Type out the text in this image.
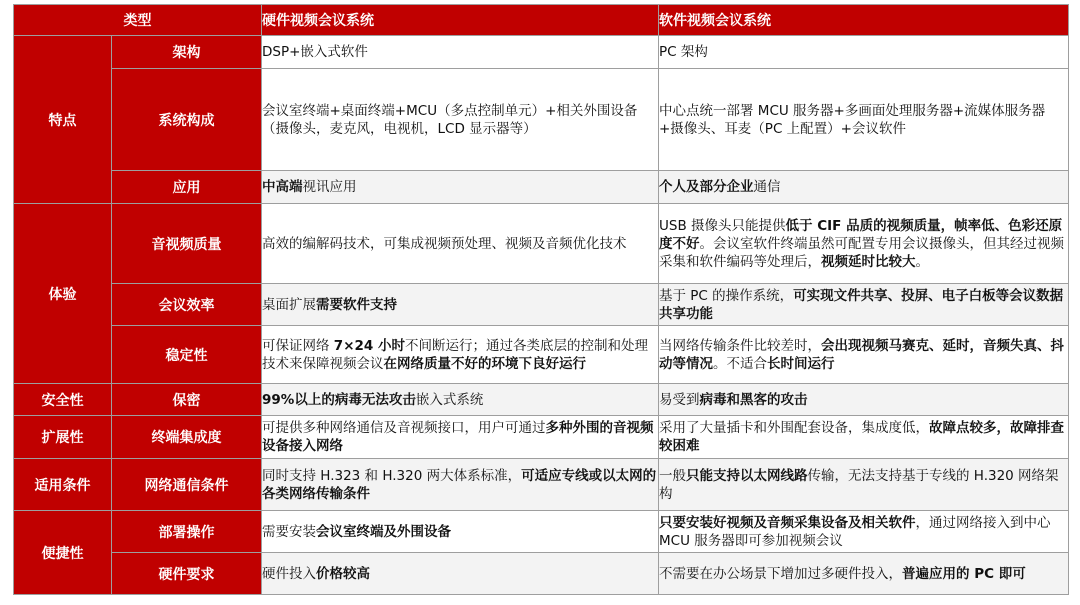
类型		硬件视频会议系统	软件视频会议系统
特点	架构	DSP+嵌入式软件	PC 架构
	系统构成	会议室终端+桌面终端+MCU（多点控制单元）+相关外围设备（摄像头，麦克风，电视机，LCD 显示器等）	中心点统一部署 MCU 服务器+多画面处理服务器+流媒体服务器+摄像头、耳麦（PC 上配置）+会议软件
	应用	中高端视讯应用	个人及部分企业通信
体验	音视频质量	高效的编解码技术，可集成视频预处理、视频及音频优化技术	USB 摄像头只能提供低于 CIF 品质的视频质量，帧率低、色彩还原度不好。会议室软件终端虽然可配置专用会议摄像头，但其经过视频采集和软件编码等处理后，视频延时比较大。
	会议效率	桌面扩展需要软件支持	基于 PC 的操作系统，可实现文件共享、投屏、电子白板等会议数据共享功能
	稳定性	可保证网络 7×24 小时不间断运行；通过各类底层的控制和处理技术来保障视频会议在网络质量不好的环境下良好运行	当网络传输条件比较差时，会出现视频马赛克、延时，音频失真、抖动等情况。不适合长时间运行
安全性	保密	99%以上的病毒无法攻击嵌入式系统	易受到病毒和黑客的攻击
扩展性	终端集成度	可提供多种网络通信及音视频接口，用户可通过多种外围的音视频设备接入网络	采用了大量插卡和外围配套设备，集成度低，故障点较多，故障排查较困难
适用条件	网络通信条件	同时支持 H.323 和 H.320 两大体系标准，可适应专线或以太网的各类网络传输条件	一般只能支持以太网线路传输，无法支持基于专线的 H.320 网络架构
便捷性	部署操作	需要安装会议室终端及外围设备	只要安装好视频及音频采集设备及相关软件，通过网络接入到中心 MCU 服务器即可参加视频会议
	硬件要求	硬件投入价格较高	不需要在办公场景下增加过多硬件投入，普遍应用的 PC 即可
